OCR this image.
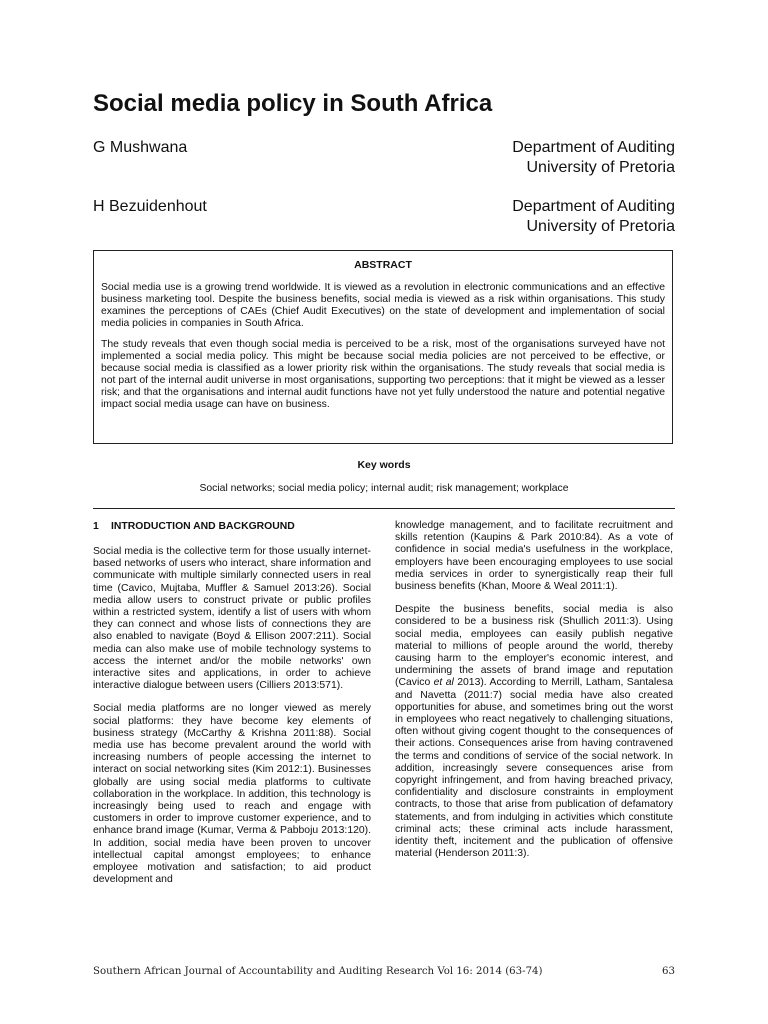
Social media policy in South Africa
G Mushwana	Department of Auditing
University of Pretoria
H Bezuidenhout	Department of Auditing
University of Pretoria
ABSTRACT

Social media use is a growing trend worldwide. It is viewed as a revolution in electronic communications and an effective business marketing tool. Despite the business benefits, social media is viewed as a risk within organisations. This study examines the perceptions of CAEs (Chief Audit Executives) on the state of development and implementation of social media policies in companies in South Africa.

The study reveals that even though social media is perceived to be a risk, most of the organisations surveyed have not implemented a social media policy. This might be because social media policies are not perceived to be effective, or because social media is classified as a lower priority risk within the organisations. The study reveals that social media is not part of the internal audit universe in most organisations, supporting two perceptions: that it might be viewed as a lesser risk; and that the organisations and internal audit functions have not yet fully understood the nature and potential negative impact social media usage can have on business.

Key words
Social networks; social media policy; internal audit; risk management; workplace
1 INTRODUCTION AND BACKGROUND

Social media is the collective term for those usually internet-based networks of users who interact, share information and communicate with multiple similarly connected users in real time (Cavico, Mujtaba, Muffler & Samuel 2013:26). Social media allow users to construct private or public profiles within a restricted system, identify a list of users with whom they can connect and whose lists of connections they are also enabled to navigate (Boyd & Ellison 2007:211). Social media can also make use of mobile technology systems to access the internet and/or the mobile networks' own interactive sites and applications, in order to achieve interactive dialogue between users (Cilliers 2013:571).

Social media platforms are no longer viewed as merely social platforms: they have become key elements of business strategy (McCarthy & Krishna 2011:88). Social media use has become prevalent around the world with increasing numbers of people accessing the internet to interact on social networking sites (Kim 2012:1). Businesses globally are using social media platforms to cultivate collaboration in the workplace. In addition, this technology is increasingly being used to reach and engage with customers in order to improve customer experience, and to enhance brand image (Kumar, Verma & Pabboju 2013:120). In addition, social media have been proven to uncover intellectual capital amongst employees; to enhance employee motivation and satisfaction; to aid product development and

knowledge management, and to facilitate recruitment and skills retention (Kaupins & Park 2010:84). As a vote of confidence in social media's usefulness in the workplace, employers have been encouraging employees to use social media services in order to synergistically reap their full business benefits (Khan, Moore & Weal 2011:1).

Despite the business benefits, social media is also considered to be a business risk (Shullich 2011:3). Using social media, employees can easily publish negative material to millions of people around the world, thereby causing harm to the employer's economic interest, and undermining the assets of brand image and reputation (Cavico et al 2013). According to Merrill, Latham, Santalesa and Navetta (2011:7) social media have also created opportunities for abuse, and sometimes bring out the worst in employees who react negatively to challenging situations, often without giving cogent thought to the consequences of their actions. Consequences arise from having contravened the terms and conditions of service of the social network. In addition, increasingly severe consequences arise from copyright infringement, and from having breached privacy, confidentiality and disclosure constraints in employment contracts, to those that arise from publication of defamatory statements, and from indulging in activities which constitute criminal acts; these criminal acts include harassment, identity theft, incitement and the publication of offensive material (Henderson 2011:3).

Southern African Journal of Accountability and Auditing Research Vol 16: 2014 (63-74)	63
